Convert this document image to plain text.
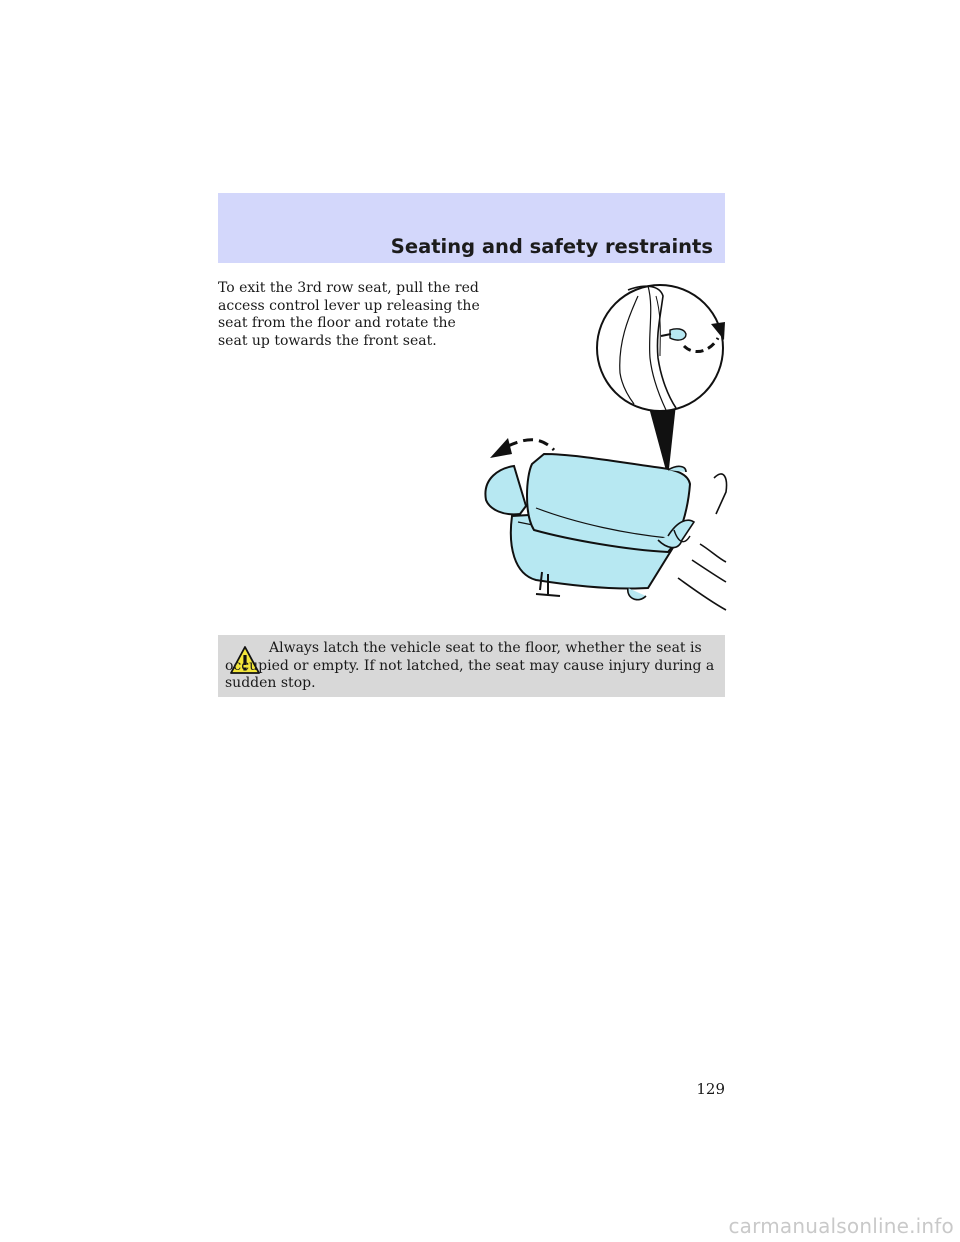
Seating and safety restraints

To exit the 3rd row seat, pull the red access control lever up releasing the seat from the floor and rotate the seat up towards the front seat.

Always latch the vehicle seat to the floor, whether the seat is occupied or empty. If not latched, the seat may cause injury during a sudden stop.

129

carmanualsonline.info
